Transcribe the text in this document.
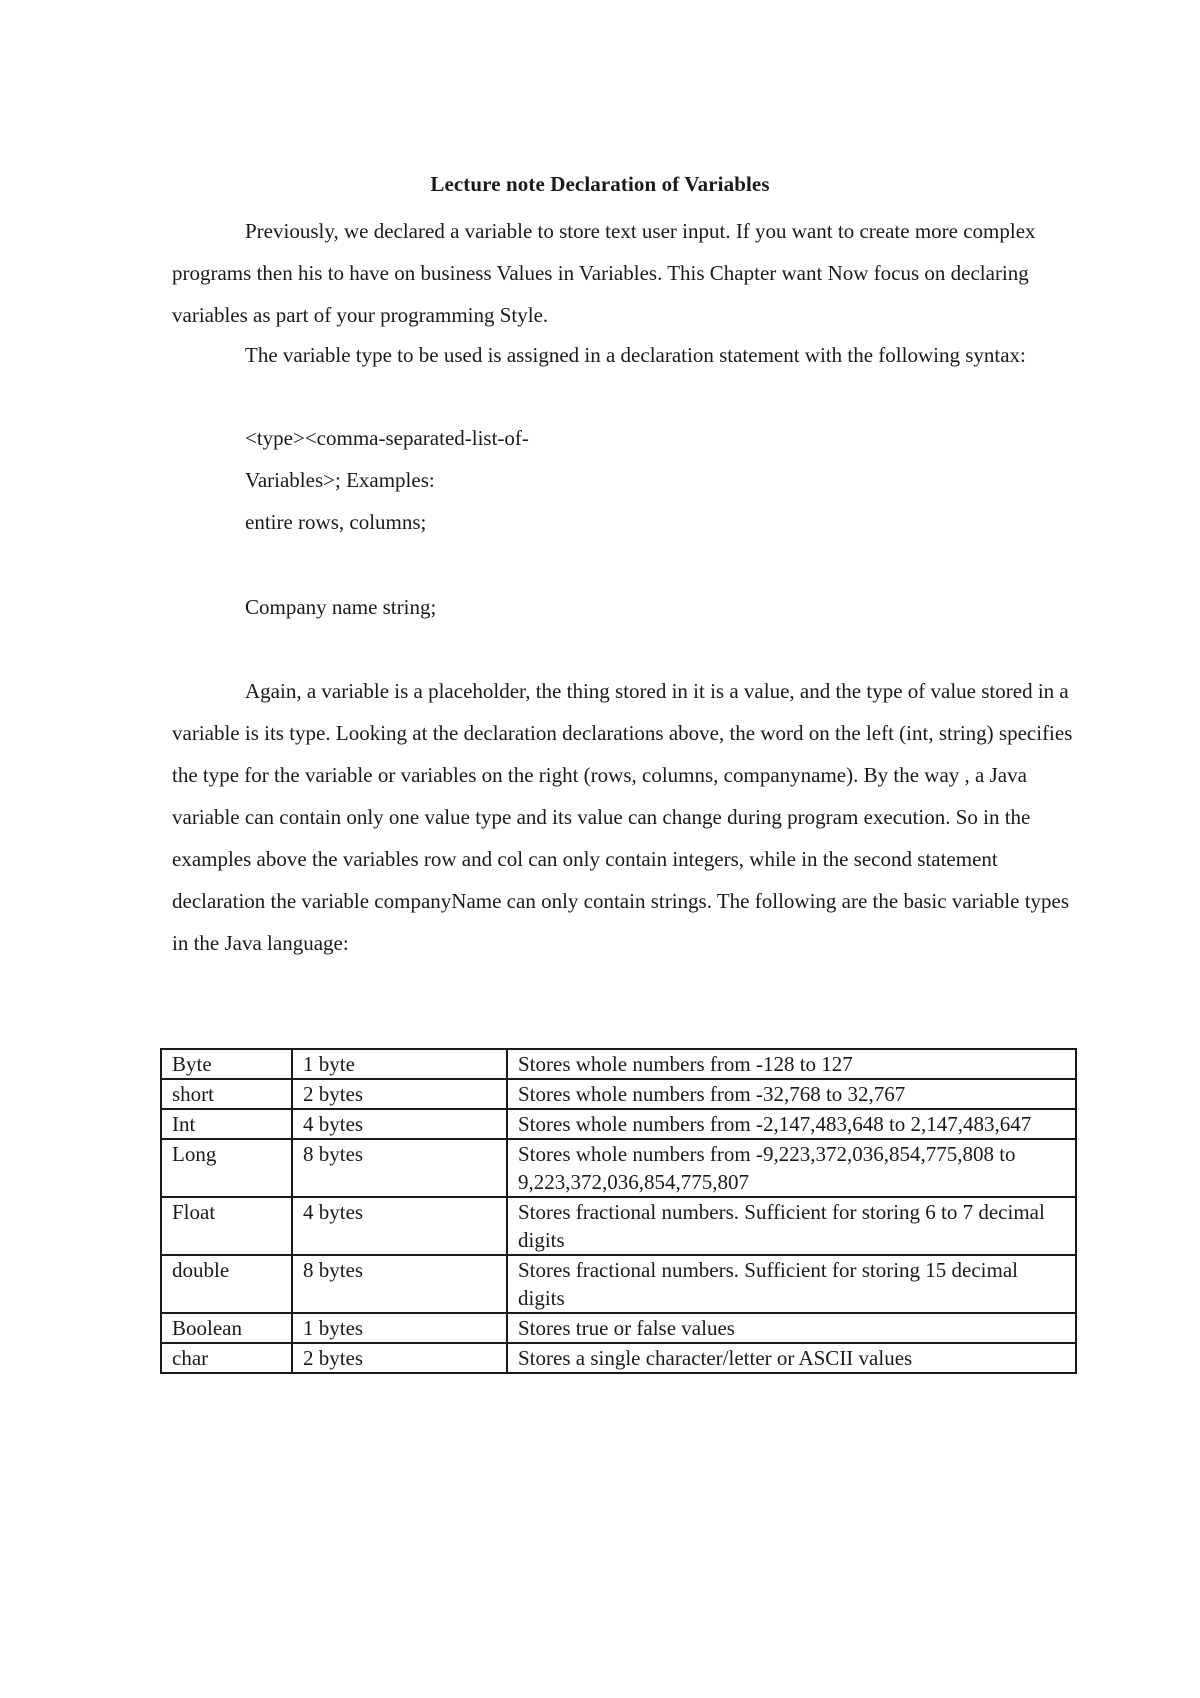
Lecture note Declaration of Variables

Previously, we declared a variable to store text user input. If you want to create more complex programs then his to have on business Values in Variables. This Chapter want Now focus on declaring variables as part of your programming Style.

The variable type to be used is assigned in a declaration statement with the following syntax:

<type><comma-separated-list-of-
Variables>; Examples:
entire rows, columns;
Company name string;

Again, a variable is a placeholder, the thing stored in it is a value, and the type of value stored in a variable is its type. Looking at the declaration declarations above, the word on the left (int, string) specifies the type for the variable or variables on the right (rows, columns, companyname). By the way , a Java variable can contain only one value type and its value can change during program execution. So in the examples above the variables row and col can only contain integers, while in the second statement declaration the variable companyName can only contain strings. The following are the basic variable types in the Java language:

Byte	1 byte	Stores whole numbers from -128 to 127
short	2 bytes	Stores whole numbers from -32,768 to 32,767
Int	4 bytes	Stores whole numbers from -2,147,483,648 to 2,147,483,647
Long	8 bytes	Stores whole numbers from -9,223,372,036,854,775,808 to 9,223,372,036,854,775,807
Float	4 bytes	Stores fractional numbers. Sufficient for storing 6 to 7 decimal digits
double	8 bytes	Stores fractional numbers. Sufficient for storing 15 decimal digits
Boolean	1 bytes	Stores true or false values
char	2 bytes	Stores a single character/letter or ASCII values
